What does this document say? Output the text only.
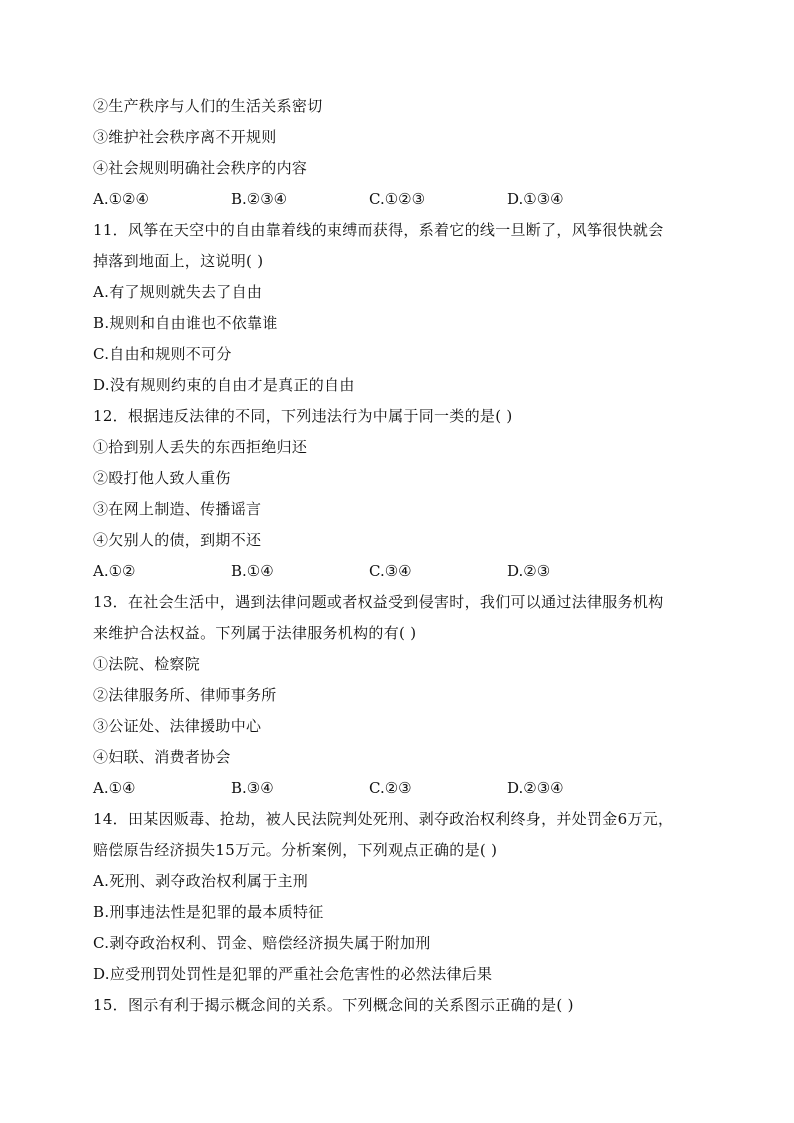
②生产秩序与人们的生活关系密切
③维护社会秩序离不开规则
④社会规则明确社会秩序的内容
A.①②④	B.②③④	C.①②③	D.①③④
11．风筝在天空中的自由靠着线的束缚而获得，系着它的线一旦断了，风筝很快就会
掉落到地面上，这说明( )
A.有了规则就失去了自由
B.规则和自由谁也不依靠谁
C.自由和规则不可分
D.没有规则约束的自由才是真正的自由
12．根据违反法律的不同，下列违法行为中属于同一类的是( )
①拾到别人丢失的东西拒绝归还
②殴打他人致人重伤
③在网上制造、传播谣言
④欠别人的债，到期不还
A.①②	B.①④	C.③④	D.②③
13．在社会生活中，遇到法律问题或者权益受到侵害时，我们可以通过法律服务机构
来维护合法权益。下列属于法律服务机构的有( )
①法院、检察院
②法律服务所、律师事务所
③公证处、法律援助中心
④妇联、消费者协会
A.①④	B.③④	C.②③	D.②③④
14．田某因贩毒、抢劫，被人民法院判处死刑、剥夺政治权利终身，并处罚金6万元，
赔偿原告经济损失15万元。分析案例，下列观点正确的是( )
A.死刑、剥夺政治权利属于主刑
B.刑事违法性是犯罪的最本质特征
C.剥夺政治权利、罚金、赔偿经济损失属于附加刑
D.应受刑罚处罚性是犯罪的严重社会危害性的必然法律后果
15．图示有利于揭示概念间的关系。下列概念间的关系图示正确的是( )
